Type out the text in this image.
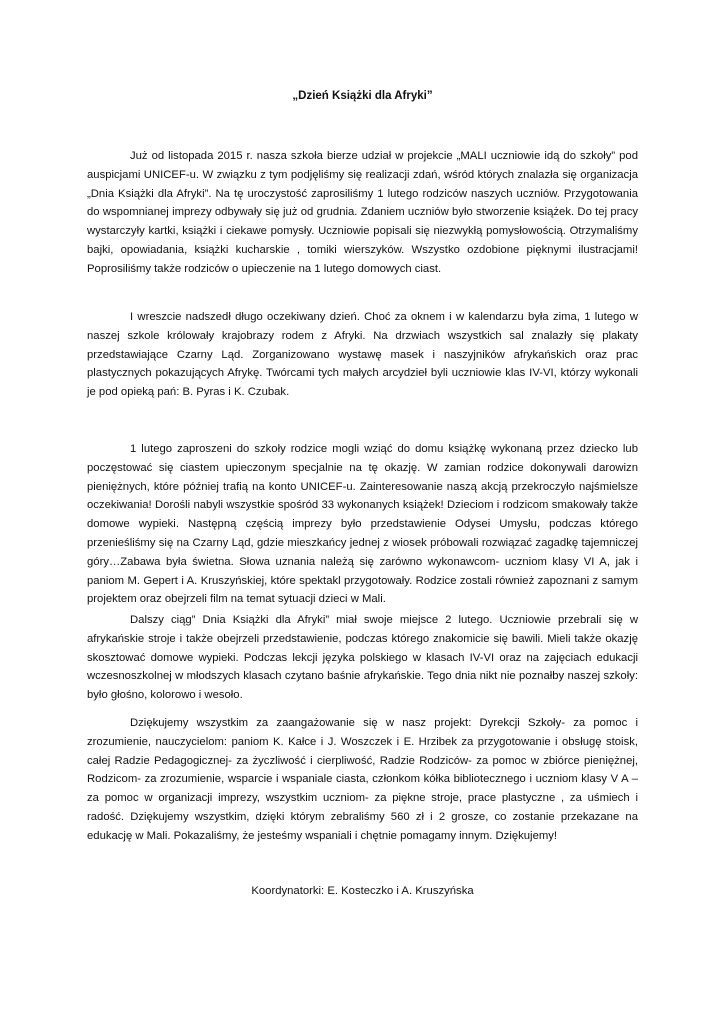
„Dzień Książki dla Afryki”

Już od listopada 2015 r. nasza szkoła bierze udział w projekcie „MALI uczniowie idą do szkoły” pod auspicjami UNICEF-u. W związku z tym podjęliśmy się realizacji zdań, wśród których znalazła się organizacja „Dnia Książki dla Afryki”. Na tę uroczystość zaprosiliśmy 1 lutego rodziców naszych uczniów. Przygotowania do wspomnianej imprezy odbywały się już od grudnia. Zdaniem uczniów było stworzenie książek. Do tej pracy wystarczyły kartki, książki i ciekawe pomysły. Uczniowie popisali się niezwykłą pomysłowością. Otrzymaliśmy bajki, opowiadania, książki kucharskie , tomiki wierszyków. Wszystko ozdobione pięknymi ilustracjami! Poprosiliśmy także rodziców o upieczenie na 1 lutego domowych ciast.

I wreszcie nadszedł długo oczekiwany dzień. Choć za oknem i w kalendarzu była zima, 1 lutego w naszej szkole królowały krajobrazy rodem z Afryki. Na drzwiach wszystkich sal znalazły się plakaty przedstawiające Czarny Ląd. Zorganizowano wystawę masek i naszyjników afrykańskich oraz prac plastycznych pokazujących Afrykę. Twórcami tych małych arcydzieł byli uczniowie klas IV-VI, którzy wykonali je pod opieką pań: B. Pyras i K. Czubak.

1 lutego zaproszeni do szkoły rodzice mogli wziąć do domu książkę wykonaną przez dziecko lub poczęstować się ciastem upieczonym specjalnie na tę okazję. W zamian rodzice dokonywali darowizn pieniężnych, które później trafią na konto UNICEF-u. Zainteresowanie naszą akcją przekroczyło najśmielsze oczekiwania! Dorośli nabyli wszystkie spośród 33 wykonanych książek! Dzieciom i rodzicom smakowały także domowe wypieki. Następną częścią imprezy było przedstawienie Odysei Umysłu, podczas którego przenieśliśmy się na Czarny Ląd, gdzie mieszkańcy jednej z wiosek próbowali rozwiązać zagadkę tajemniczej góry…Zabawa była świetna. Słowa uznania należą się zarówno wykonawcom- uczniom klasy VI A, jak i paniom M. Gepert i A. Kruszyńskiej, które spektakl przygotowały. Rodzice zostali również zapoznani z samym projektem oraz obejrzeli film na temat sytuacji dzieci w Mali.

Dalszy ciąg” Dnia Książki dla Afryki” miał swoje miejsce 2 lutego. Uczniowie przebrali się w afrykańskie stroje i także obejrzeli przedstawienie, podczas którego znakomicie się bawili. Mieli także okazję skosztować domowe wypieki. Podczas lekcji języka polskiego w klasach IV-VI oraz na zajęciach edukacji wczesnoszkolnej w młodszych klasach czytano baśnie afrykańskie. Tego dnia nikt nie poznałby naszej szkoły: było głośno, kolorowo i wesoło.

Dziękujemy wszystkim za zaangażowanie się w nasz projekt: Dyrekcji Szkoły- za pomoc i zrozumienie, nauczycielom: paniom K. Kałce i J. Woszczek i E. Hrzibek za przygotowanie i obsługę stoisk, całej Radzie Pedagogicznej- za życzliwość i cierpliwość, Radzie Rodziców- za pomoc w zbiórce pieniężnej, Rodzicom- za zrozumienie, wsparcie i wspaniale ciasta, członkom kółka bibliotecznego i uczniom klasy V A – za pomoc w organizacji imprezy, wszystkim uczniom- za piękne stroje, prace plastyczne , za uśmiech i radość. Dziękujemy wszystkim, dzięki którym zebraliśmy 560 zł i 2 grosze, co zostanie przekazane na edukację w Mali. Pokazaliśmy, że jesteśmy wspaniali i chętnie pomagamy innym. Dziękujemy!

Koordynatorki: E. Kosteczko i A. Kruszyńska
